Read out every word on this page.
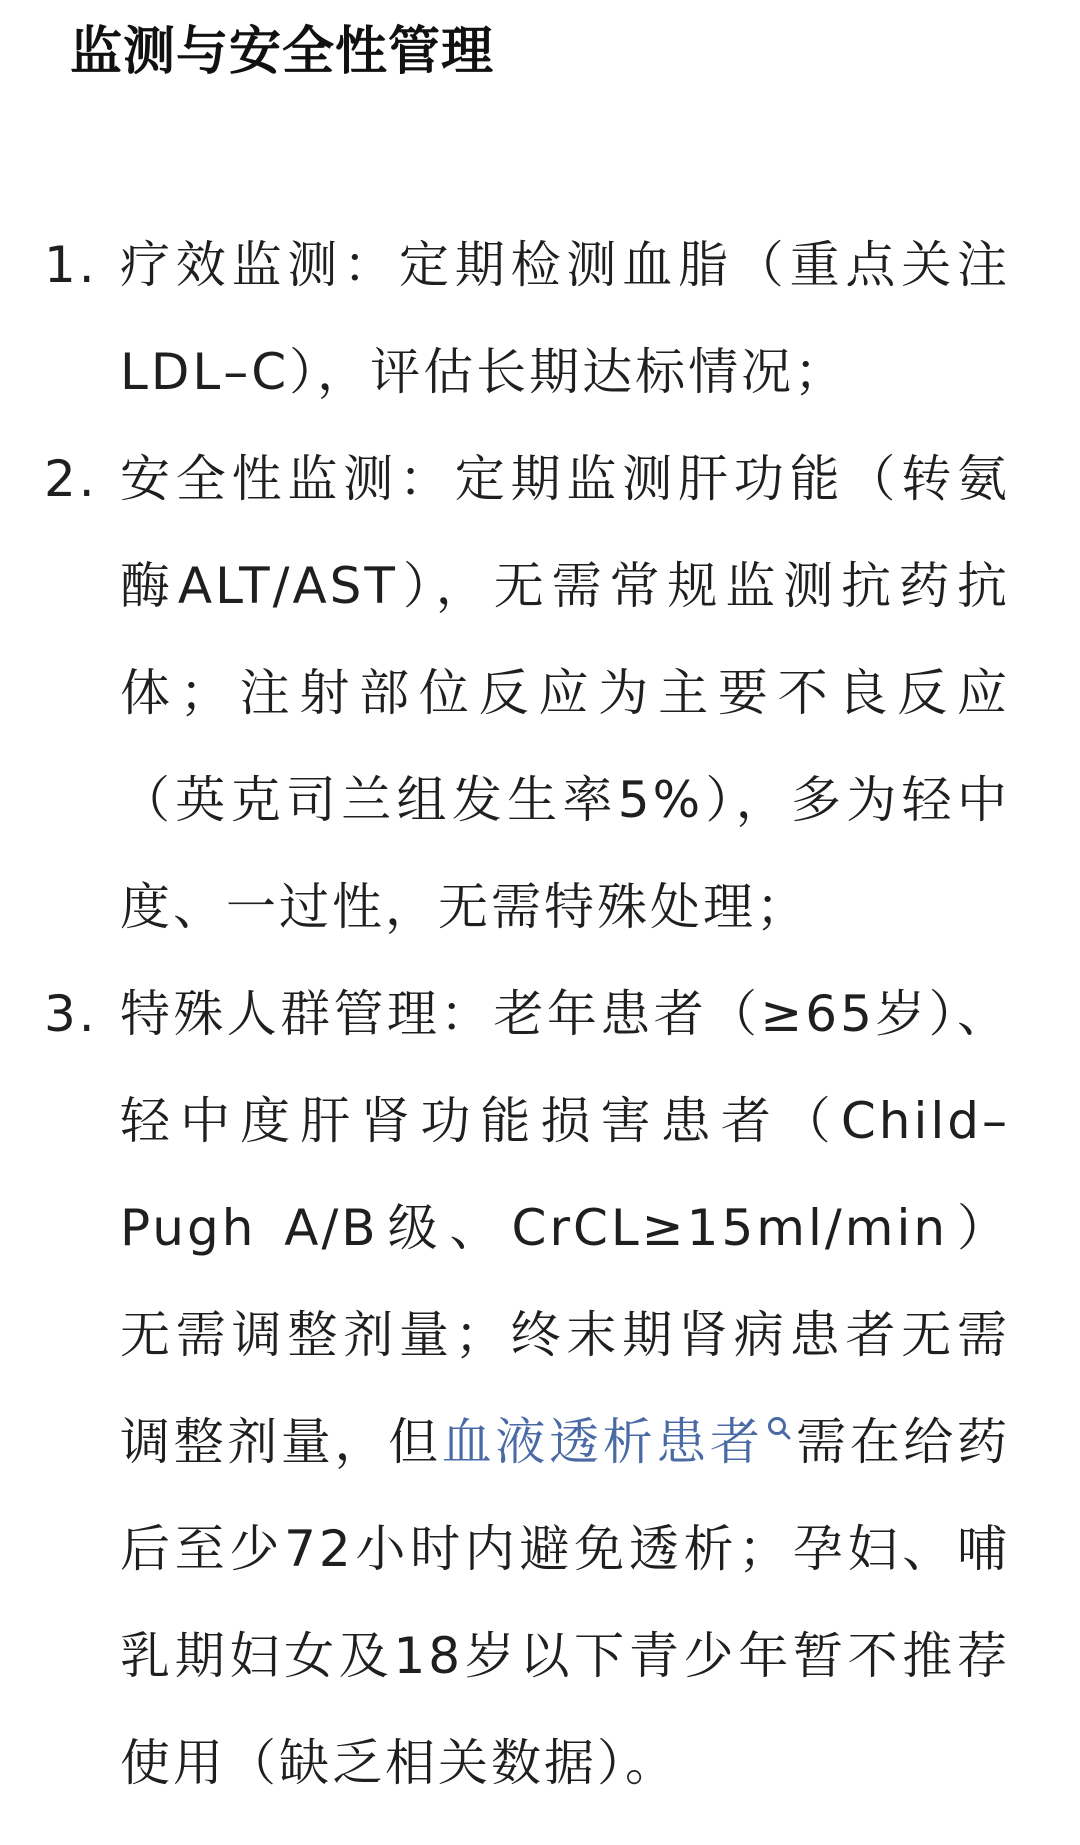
监测与安全性管理
1. 疗效监测：定期检测血脂（重点关注LDL–C），评估长期达标情况；
2. 安全性监测：定期监测肝功能（转氨酶ALT/AST），无需常规监测抗药抗体；注射部位反应为主要不良反应（英克司兰组发生率5%），多为轻中度、一过性，无需特殊处理；
3. 特殊人群管理：老年患者（≥65岁）、轻中度肝肾功能损害患者（Child–Pugh A/B级、CrCL≥15ml/min）无需调整剂量；终末期肾病患者无需调整剂量，但血液透析患者 需在给药后至少72小时内避免透析；孕妇、哺乳期妇女及18岁以下青少年暂不推荐使用（缺乏相关数据）。
